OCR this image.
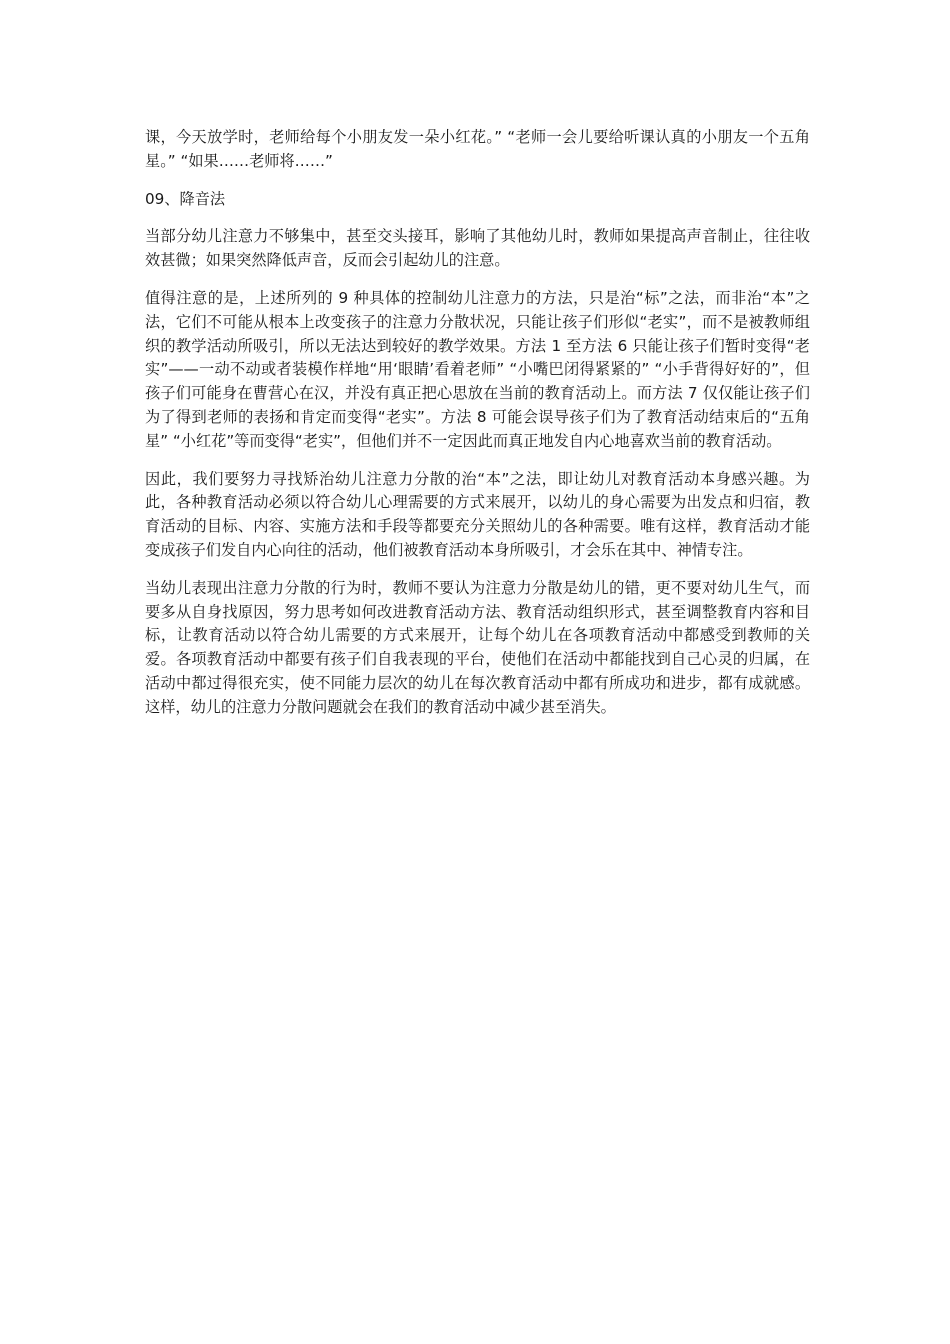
课，今天放学时，老师给每个小朋友发一朵小红花。” “老师一会儿要给听课认真的小朋友一个五角星。” “如果……老师将……”

09、降音法

当部分幼儿注意力不够集中，甚至交头接耳，影响了其他幼儿时，教师如果提高声音制止，往往收效甚微；如果突然降低声音，反而会引起幼儿的注意。

值得注意的是，上述所列的 9 种具体的控制幼儿注意力的方法，只是治“标”之法，而非治“本”之法，它们不可能从根本上改变孩子的注意力分散状况，只能让孩子们形似“老实”，而不是被教师组织的教学活动所吸引，所以无法达到较好的教学效果。方法 1 至方法 6 只能让孩子们暂时变得“老实”——一动不动或者装模作样地“用‘眼睛’看着老师” “小嘴巴闭得紧紧的” “小手背得好好的”，但孩子们可能身在曹营心在汉，并没有真正把心思放在当前的教育活动上。而方法 7 仅仅能让孩子们为了得到老师的表扬和肯定而变得“老实”。方法 8 可能会误导孩子们为了教育活动结束后的“五角星” “小红花”等而变得“老实”，但他们并不一定因此而真正地发自内心地喜欢当前的教育活动。

因此，我们要努力寻找矫治幼儿注意力分散的治“本”之法，即让幼儿对教育活动本身感兴趣。为此，各种教育活动必须以符合幼儿心理需要的方式来展开，以幼儿的身心需要为出发点和归宿，教育活动的目标、内容、实施方法和手段等都要充分关照幼儿的各种需要。唯有这样，教育活动才能变成孩子们发自内心向往的活动，他们被教育活动本身所吸引，才会乐在其中、神情专注。

当幼儿表现出注意力分散的行为时，教师不要认为注意力分散是幼儿的错，更不要对幼儿生气，而要多从自身找原因，努力思考如何改进教育活动方法、教育活动组织形式，甚至调整教育内容和目标，让教育活动以符合幼儿需要的方式来展开，让每个幼儿在各项教育活动中都感受到教师的关爱。各项教育活动中都要有孩子们自我表现的平台，使他们在活动中都能找到自己心灵的归属，在活动中都过得很充实，使不同能力层次的幼儿在每次教育活动中都有所成功和进步，都有成就感。这样，幼儿的注意力分散问题就会在我们的教育活动中减少甚至消失。
